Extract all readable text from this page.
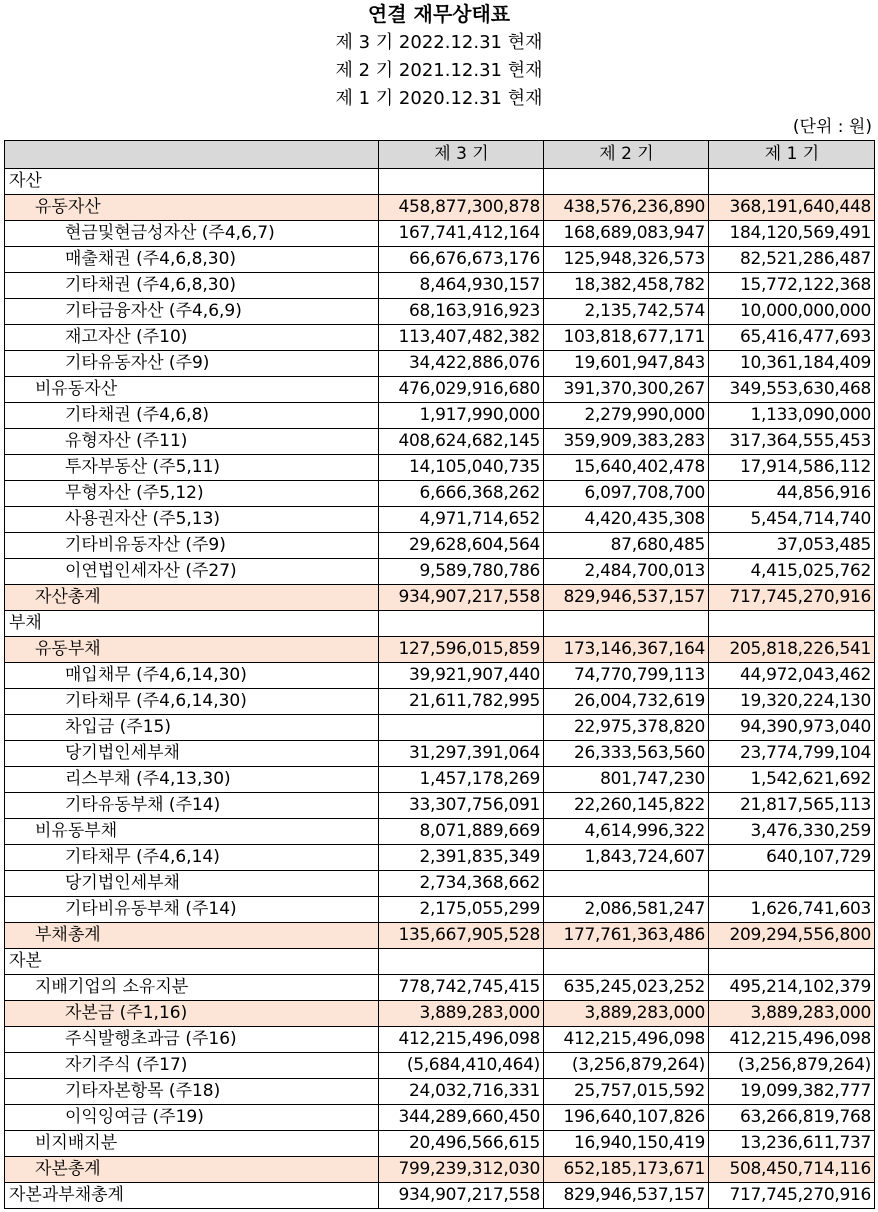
연결 재무상태표
제 3 기 2022.12.31 현재
제 2 기 2021.12.31 현재
제 1 기 2020.12.31 현재
(단위 : 원)
	제 3 기	제 2 기	제 1 기
자산			
유동자산	458,877,300,878	438,576,236,890	368,191,640,448
현금및현금성자산 (주4,6,7)	167,741,412,164	168,689,083,947	184,120,569,491
매출채권 (주4,6,8,30)	66,676,673,176	125,948,326,573	82,521,286,487
기타채권 (주4,6,8,30)	8,464,930,157	18,382,458,782	15,772,122,368
기타금융자산 (주4,6,9)	68,163,916,923	2,135,742,574	10,000,000,000
재고자산 (주10)	113,407,482,382	103,818,677,171	65,416,477,693
기타유동자산 (주9)	34,422,886,076	19,601,947,843	10,361,184,409
비유동자산	476,029,916,680	391,370,300,267	349,553,630,468
기타채권 (주4,6,8)	1,917,990,000	2,279,990,000	1,133,090,000
유형자산 (주11)	408,624,682,145	359,909,383,283	317,364,555,453
투자부동산 (주5,11)	14,105,040,735	15,640,402,478	17,914,586,112
무형자산 (주5,12)	6,666,368,262	6,097,708,700	44,856,916
사용권자산 (주5,13)	4,971,714,652	4,420,435,308	5,454,714,740
기타비유동자산 (주9)	29,628,604,564	87,680,485	37,053,485
이연법인세자산 (주27)	9,589,780,786	2,484,700,013	4,415,025,762
자산총계	934,907,217,558	829,946,537,157	717,745,270,916
부채			
유동부채	127,596,015,859	173,146,367,164	205,818,226,541
매입채무 (주4,6,14,30)	39,921,907,440	74,770,799,113	44,972,043,462
기타채무 (주4,6,14,30)	21,611,782,995	26,004,732,619	19,320,224,130
차입금 (주15)		22,975,378,820	94,390,973,040
당기법인세부채	31,297,391,064	26,333,563,560	23,774,799,104
리스부채 (주4,13,30)	1,457,178,269	801,747,230	1,542,621,692
기타유동부채 (주14)	33,307,756,091	22,260,145,822	21,817,565,113
비유동부채	8,071,889,669	4,614,996,322	3,476,330,259
기타채무 (주4,6,14)	2,391,835,349	1,843,724,607	640,107,729
당기법인세부채	2,734,368,662		
기타비유동부채 (주14)	2,175,055,299	2,086,581,247	1,626,741,603
부채총계	135,667,905,528	177,761,363,486	209,294,556,800
자본			
지배기업의 소유지분	778,742,745,415	635,245,023,252	495,214,102,379
자본금 (주1,16)	3,889,283,000	3,889,283,000	3,889,283,000
주식발행초과금 (주16)	412,215,496,098	412,215,496,098	412,215,496,098
자기주식 (주17)	(5,684,410,464)	(3,256,879,264)	(3,256,879,264)
기타자본항목 (주18)	24,032,716,331	25,757,015,592	19,099,382,777
이익잉여금 (주19)	344,289,660,450	196,640,107,826	63,266,819,768
비지배지분	20,496,566,615	16,940,150,419	13,236,611,737
자본총계	799,239,312,030	652,185,173,671	508,450,714,116
자본과부채총계	934,907,217,558	829,946,537,157	717,745,270,916
